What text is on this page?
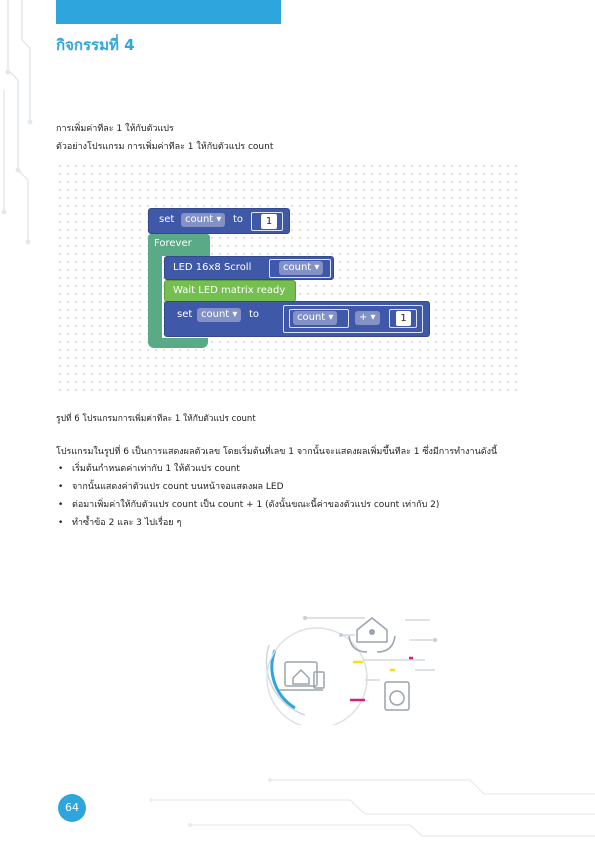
กิจกรรมที่ 4
การเพิ่มค่าทีละ 1 ให้กับตัวแปร
ตัวอย่างโปรแกรม การเพิ่มค่าทีละ 1 ให้กับตัวแปร count
set	count ▾	to	1
Forever
LED 16x8 Scroll	count ▾
Wait LED matrix ready
set count ▾	to	count ▾	+ ▾	1
รูปที่ 6 โปรแกรมการเพิ่มค่าทีละ 1 ให้กับตัวแปร count
โปรแกรมในรูปที่ 6 เป็นการแสดงผลตัวเลข โดยเริ่มต้นที่เลข 1 จากนั้นจะแสดงผลเพิ่มขึ้นทีละ 1 ซึ่งมีการทำงานดังนี้
• เริ่มต้นกำหนดค่าเท่ากับ 1 ให้ตัวแปร count
• จากนั้นแสดงค่าตัวแปร count บนหน้าจอแสดงผล LED
• ต่อมาเพิ่มค่าให้กับตัวแปร count เป็น count + 1 (ดังนั้นขณะนี้ค่าของตัวแปร count เท่ากับ 2)
• ทำซ้ำข้อ 2 และ 3 ไปเรื่อย ๆ
64
